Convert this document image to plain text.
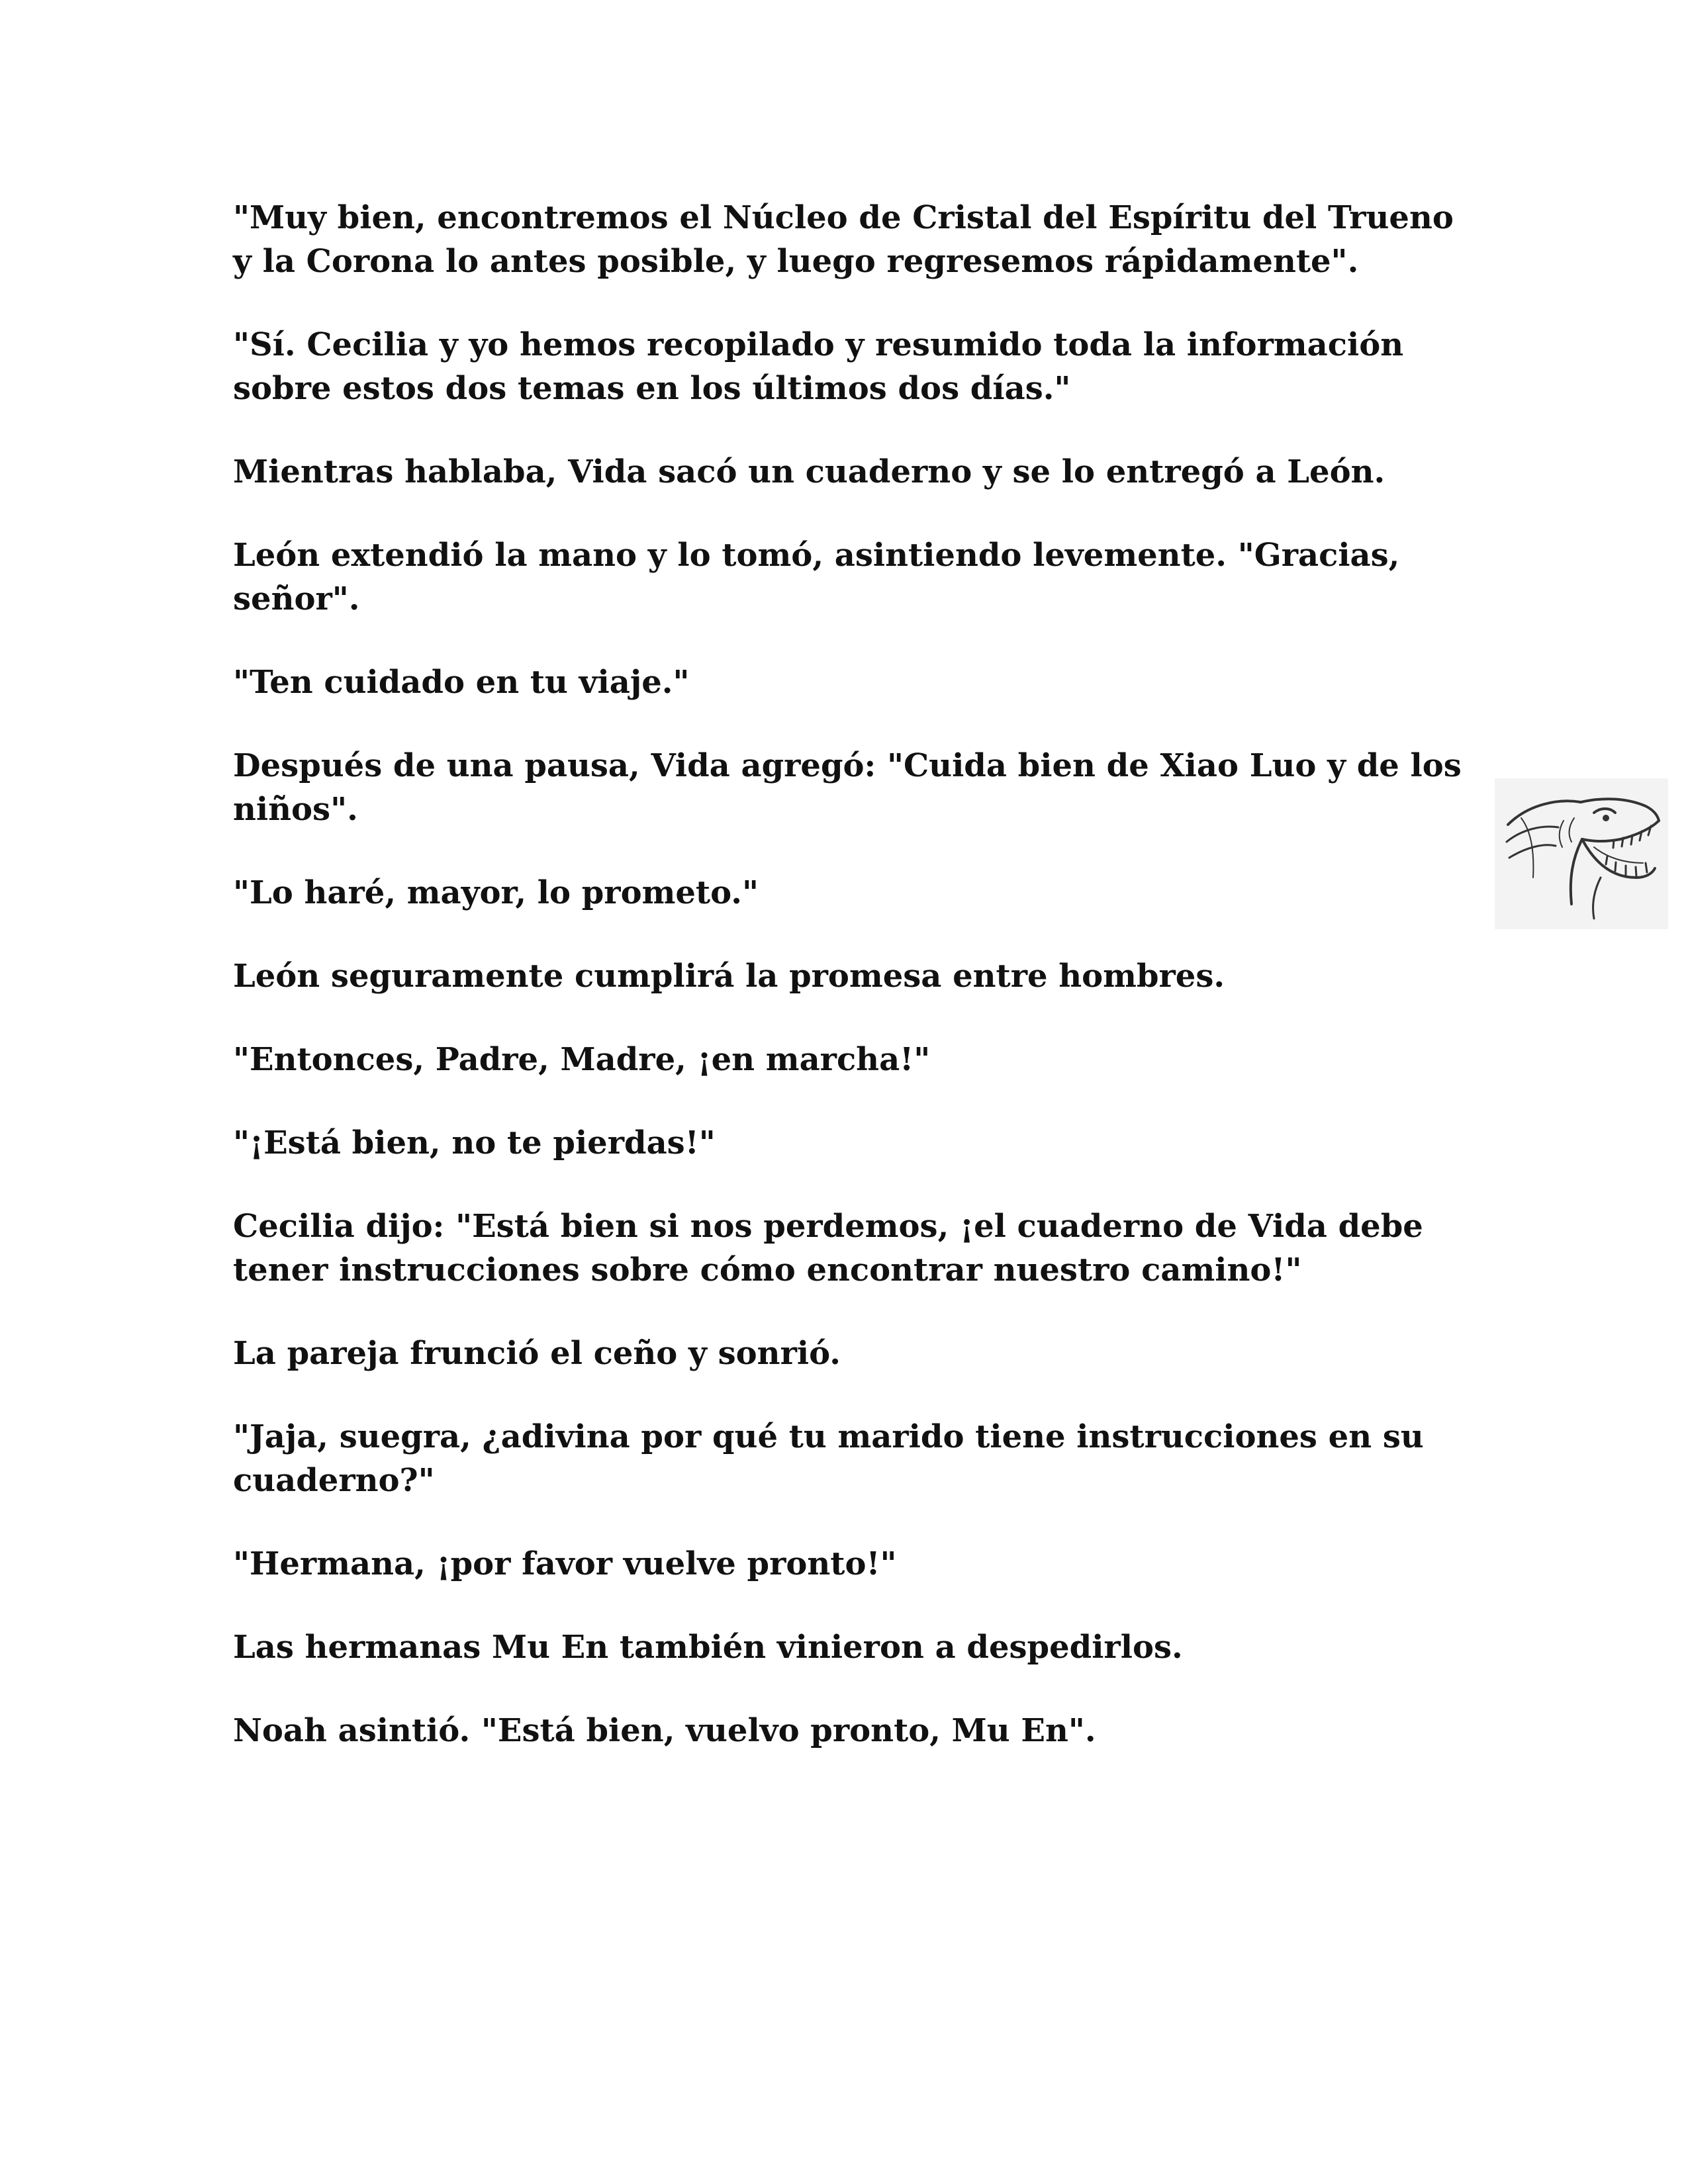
"Muy bien, encontremos el Núcleo de Cristal del Espíritu del Trueno y la Corona lo antes posible, y luego regresemos rápidamente".

"Sí. Cecilia y yo hemos recopilado y resumido toda la información sobre estos dos temas en los últimos dos días."

Mientras hablaba, Vida sacó un cuaderno y se lo entregó a León.

León extendió la mano y lo tomó, asintiendo levemente. "Gracias, señor".

"Ten cuidado en tu viaje."

Después de una pausa, Vida agregó: "Cuida bien de Xiao Luo y de los niños".

"Lo haré, mayor, lo prometo."

León seguramente cumplirá la promesa entre hombres.

"Entonces, Padre, Madre, ¡en marcha!"

"¡Está bien, no te pierdas!"

Cecilia dijo: "Está bien si nos perdemos, ¡el cuaderno de Vida debe tener instrucciones sobre cómo encontrar nuestro camino!"

La pareja frunció el ceño y sonrió.

"Jaja, suegra, ¿adivina por qué tu marido tiene instrucciones en su cuaderno?"

"Hermana, ¡por favor vuelve pronto!"

Las hermanas Mu En también vinieron a despedirlos.

Noah asintió. "Está bien, vuelvo pronto, Mu En".
